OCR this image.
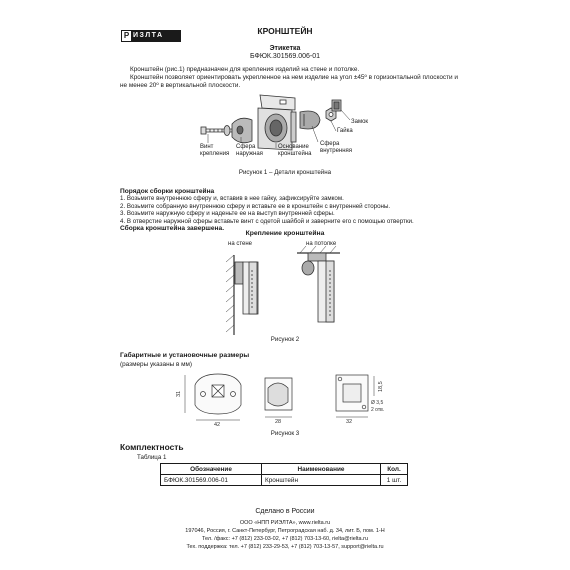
Р ИЗЛТА	КРОНШТЕЙН
Этикетка
БФЮК.301569.006-01

Кронштейн (рис.1) предназначен для крепления изделий на стене и потолке.

Кронштейн позволяет ориентировать укрепленное на нем изделие на угол ±45º в горизонтальной плоскости и не менее 20º в вертикальной плоскости.

31
42	28	32
18,5
Ø 3,5
2 отв.
Винт крепления
Сфера наружная
Основание кронштейна
Сфера внутренняя
Гайка
Замок
Рисунок 1 – Детали кронштейна
Порядок сборки кронштейна
1. Возьмите внутреннюю сферу и, вставив в нее гайку, зафиксируйте замком.
2. Возьмите собранную внутреннюю сферу и вставьте ее в кронштейн с внутренней стороны.
3. Возьмите наружную сферу и наденьте ее на выступ внутренней сферы.
4. В отверстие наружной сферы вставьте винт с одетой шайбой и заверните его с помощью отвертки.
Сборка кронштейна завершена.
Крепление кронштейна
на стене	на потолке
Рисунок 2
Габаритные и установочные размеры
(размеры указаны в мм)
Рисунок 3
Комплектность
Таблица 1
Обозначение	Наименование	Кол.
БФЮК.301569.006-01	Кронштейн	1 шт.
Сделано в России
ООО «НПП РИЭЛТА», www.rielta.ru
197046, Россия, г. Санкт-Петербург, Петроградская наб. д. 34, лит. Б, пом. 1-Н
Тел. /факс: +7 (812) 233-03-02, +7 (812) 703-13-60, rielta@rielta.ru
Тех. поддержка: тел. +7 (812) 233-29-53, +7 (812) 703-13-57, support@rielta.ru
